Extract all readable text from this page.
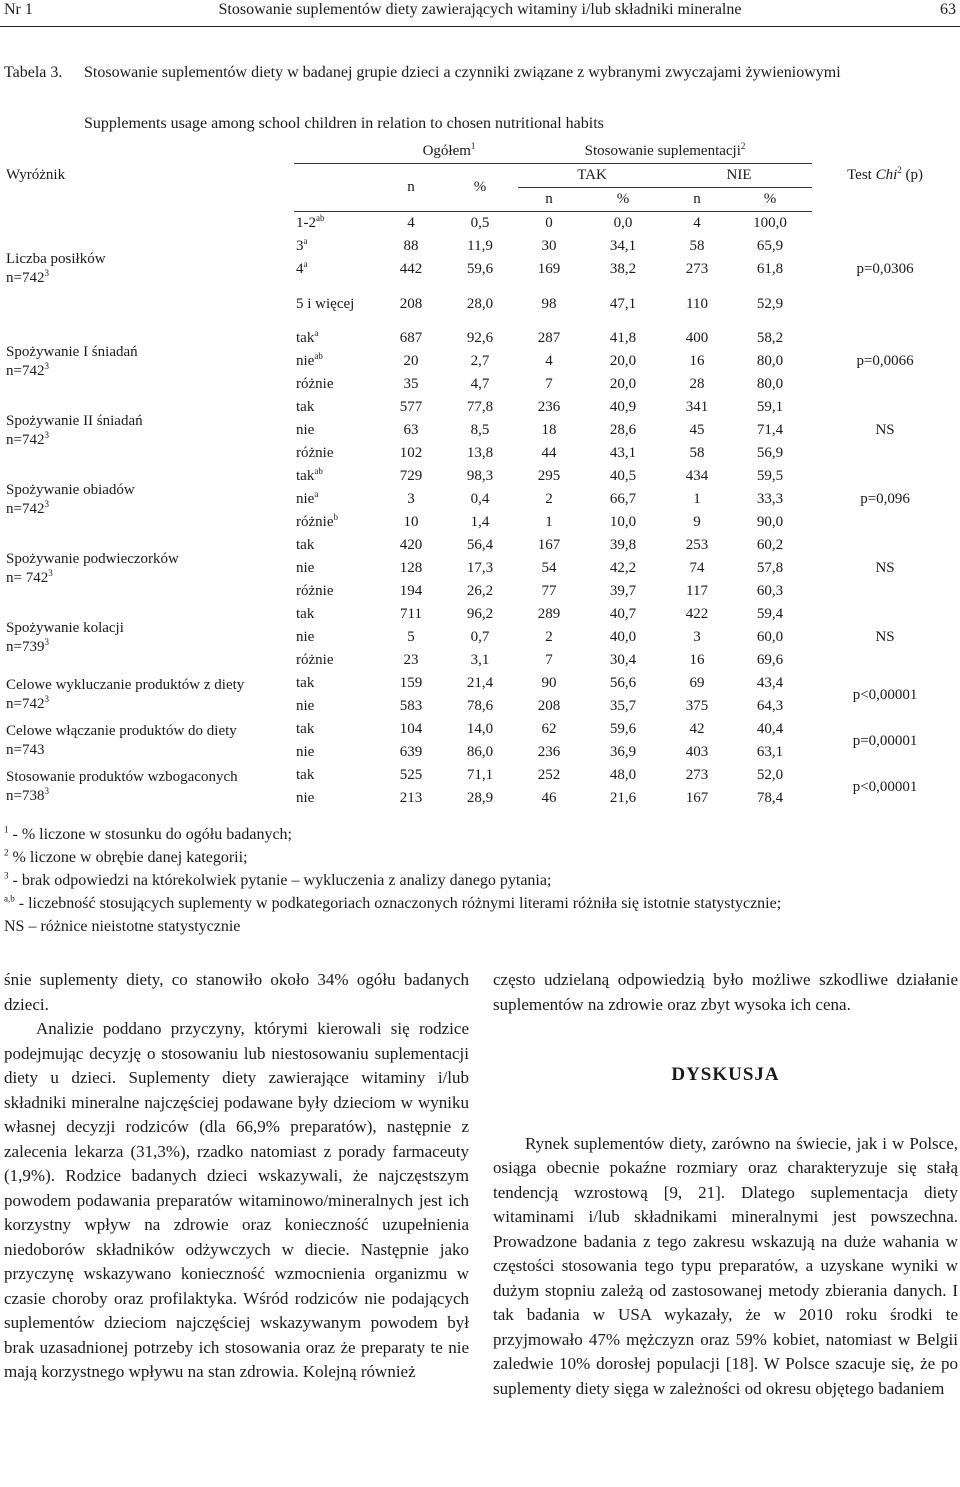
Nr 1	Stosowanie suplementów diety zawierających witaminy i/lub składniki mineralne	63
Tabela 3. Stosowanie suplementów diety w badanej grupie dzieci a czynniki związane z wybranymi zwyczajami żywieniowymi
Supplements usage among school children in relation to chosen nutritional habits
Wyróżnik		Ogółem$^1$		Stosowanie suplementacji$^2$				Test Chi$^2$ (p)
		n	%	TAK		NIE		
				n	%	n	%	

Liczba posiłków
$n=742^3$	$1-2^{ab}$	4	0,5	0	0,0	4	100,0	p=0,0306
	3$^a$	88	11,9	30	34,1	58	65,9	
	4$^a$	442	59,6	169	38,2	273	61,8	
	5 i więcej	208	28,0	98	47,1	110	52,9	

Spożywanie I śniadań
$n=742^3$	tak$^a$	687	92,6	287	41,8	400	58,2	p=0,0066
	nie$^{ab}$	20	2,7	4	20,0	16	80,0	
	różnie	35	4,7	7	20,0	28	80,0	

Spożywanie II śniadań
$n=742^3$	tak	577	77,8	236	40,9	341	59,1	NS
	nie	63	8,5	18	28,6	45	71,4	
	różnie	102	13,8	44	43,1	58	56,9	

Spożywanie obiadów
$n=742^3$	tak$^{ab}$	729	98,3	295	40,5	434	59,5	p=0,096
	nie$^a$	3	0,4	2	66,7	1	33,3	
	różnie$^b$	10	1,4	1	10,0	9	90,0	

Spożywanie podwieczorków
$n= 742^3$	tak	420	56,4	167	39,8	253	60,2	NS
	nie	128	17,3	54	42,2	74	57,8	
	różnie	194	26,2	77	39,7	117	60,3	

Spożywanie kolacji
$n=739^3$	tak	711	96,2	289	40,7	422	59,4	NS
	nie	5	0,7	2	40,0	3	60,0	
	różnie	23	3,1	7	30,4	16	69,6	

Celowe wykluczanie produktów z diety
$n=742^3$	tak	159	21,4	90	56,6	69	43,4	p<0,00001
	nie	583	78,6	208	35,7	375	64,3	

Celowe włączanie produktów do diety
n=743	tak	104	14,0	62	59,6	42	40,4	p=0,00001
	nie	639	86,0	236	36,9	403	63,1	

Stosowanie produktów wzbogaconych
$n=738^3$	tak	525	71,1	252	48,0	273	52,0	p<0,00001
	nie	213	28,9	46	21,6	167	78,4	
$^1$ - % liczone w stosunku do ogółu badanych;
$^2$ % liczone w obrębie danej kategorii;
$^3$ - brak odpowiedzi na którekolwiek pytanie – wykluczenia z analizy danego pytania;
$^{a,b}$ - liczebność stosujących suplementy w podkategoriach oznaczonych różnymi literami różniła się istotnie statystycznie;
NS – różnice nieistotne statystycznie

śnie suplementy diety, co stanowiło około 34% ogółu badanych dzieci.

Analizie poddano przyczyny, którymi kierowali się rodzice podejmując decyzję o stosowaniu lub niestosowaniu suplementacji diety u dzieci. Suplementy diety zawierające witaminy i/lub składniki mineralne najczęściej podawane były dzieciom w wyniku własnej decyzji rodziców (dla 66,9% preparatów), następnie z zalecenia lekarza (31,3%), rzadko natomiast z porady farmaceuty (1,9%). Rodzice badanych dzieci wskazywali, że najczęstszym powodem podawania preparatów witaminowo/mineralnych jest ich korzystny wpływ na zdrowie oraz konieczność uzupełnienia niedoborów składników odżywczych w diecie. Następnie jako przyczynę wskazywano konieczność wzmocnienia organizmu w czasie choroby oraz profilaktyka. Wśród rodziców nie podających suplementów dzieciom najczęściej wskazywanym powodem był brak uzasadnionej potrzeby ich stosowania oraz że preparaty te nie mają korzystnego wpływu na stan zdrowia. Kolejną również

często udzielaną odpowiedzią było możliwe szkodliwe działanie suplementów na zdrowie oraz zbyt wysoka ich cena.

DYSKUSJA

Rynek suplementów diety, zarówno na świecie, jak i w Polsce, osiąga obecnie pokaźne rozmiary oraz charakteryzuje się stałą tendencją wzrostową [9, 21]. Dlatego suplementacja diety witaminami i/lub składnikami mineralnymi jest powszechna. Prowadzone badania z tego zakresu wskazują na duże wahania w częstości stosowania tego typu preparatów, a uzyskane wyniki w dużym stopniu zależą od zastosowanej metody zbierania danych. I tak badania w USA wykazały, że w 2010 roku środki te przyjmowało 47% mężczyzn oraz 59% kobiet, natomiast w Belgii zaledwie 10% dorosłej populacji [18]. W Polsce szacuje się, że po suplementy diety sięga w zależności od okresu objętego badaniem
